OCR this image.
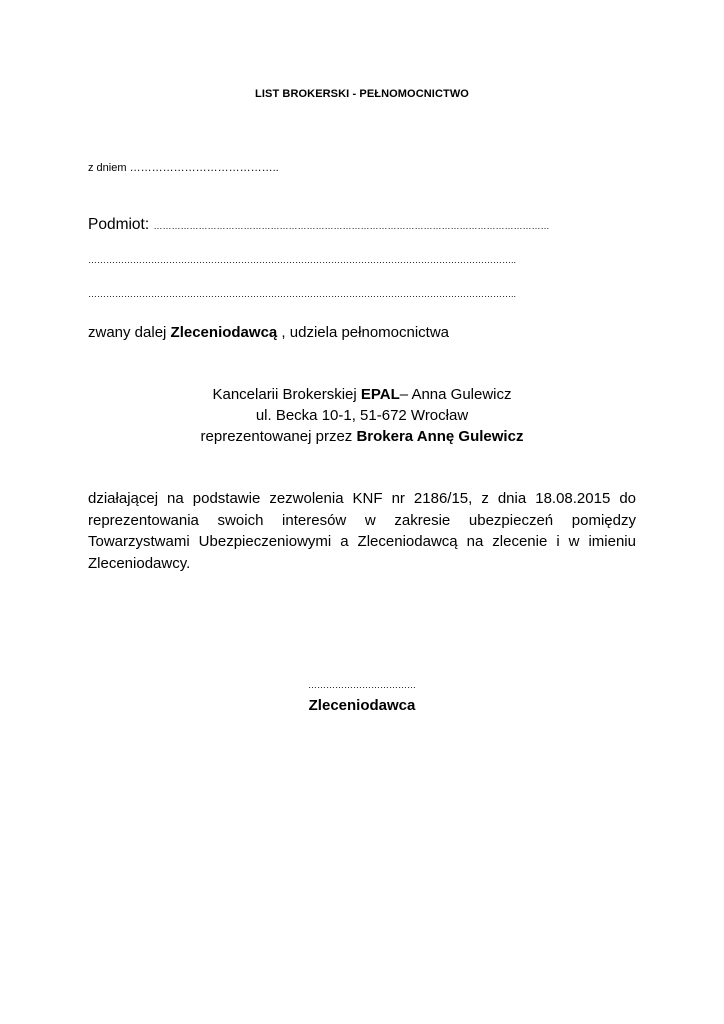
LIST BROKERSKI - PEŁNOMOCNICTWO
z dniem …………………………………..
Podmiot: ……………………………………………………………………………………………………………………
……………………………………………………………………………………………………………………………..
……………………………………………………………………………………………………………………………..
zwany dalej Zleceniodawcą , udziela pełnomocnictwa
Kancelarii Brokerskiej EPAL– Anna Gulewicz
ul. Becka 10-1, 51-672 Wrocław
reprezentowanej przez Brokera Annę Gulewicz
działającej na podstawie zezwolenia KNF nr 2186/15, z dnia 18.08.2015 do reprezentowania swoich interesów w zakresie ubezpieczeń pomiędzy Towarzystwami Ubezpieczeniowymi a Zleceniodawcą na zlecenie i w imieniu Zleceniodawcy.
………………………………
Zleceniodawca
